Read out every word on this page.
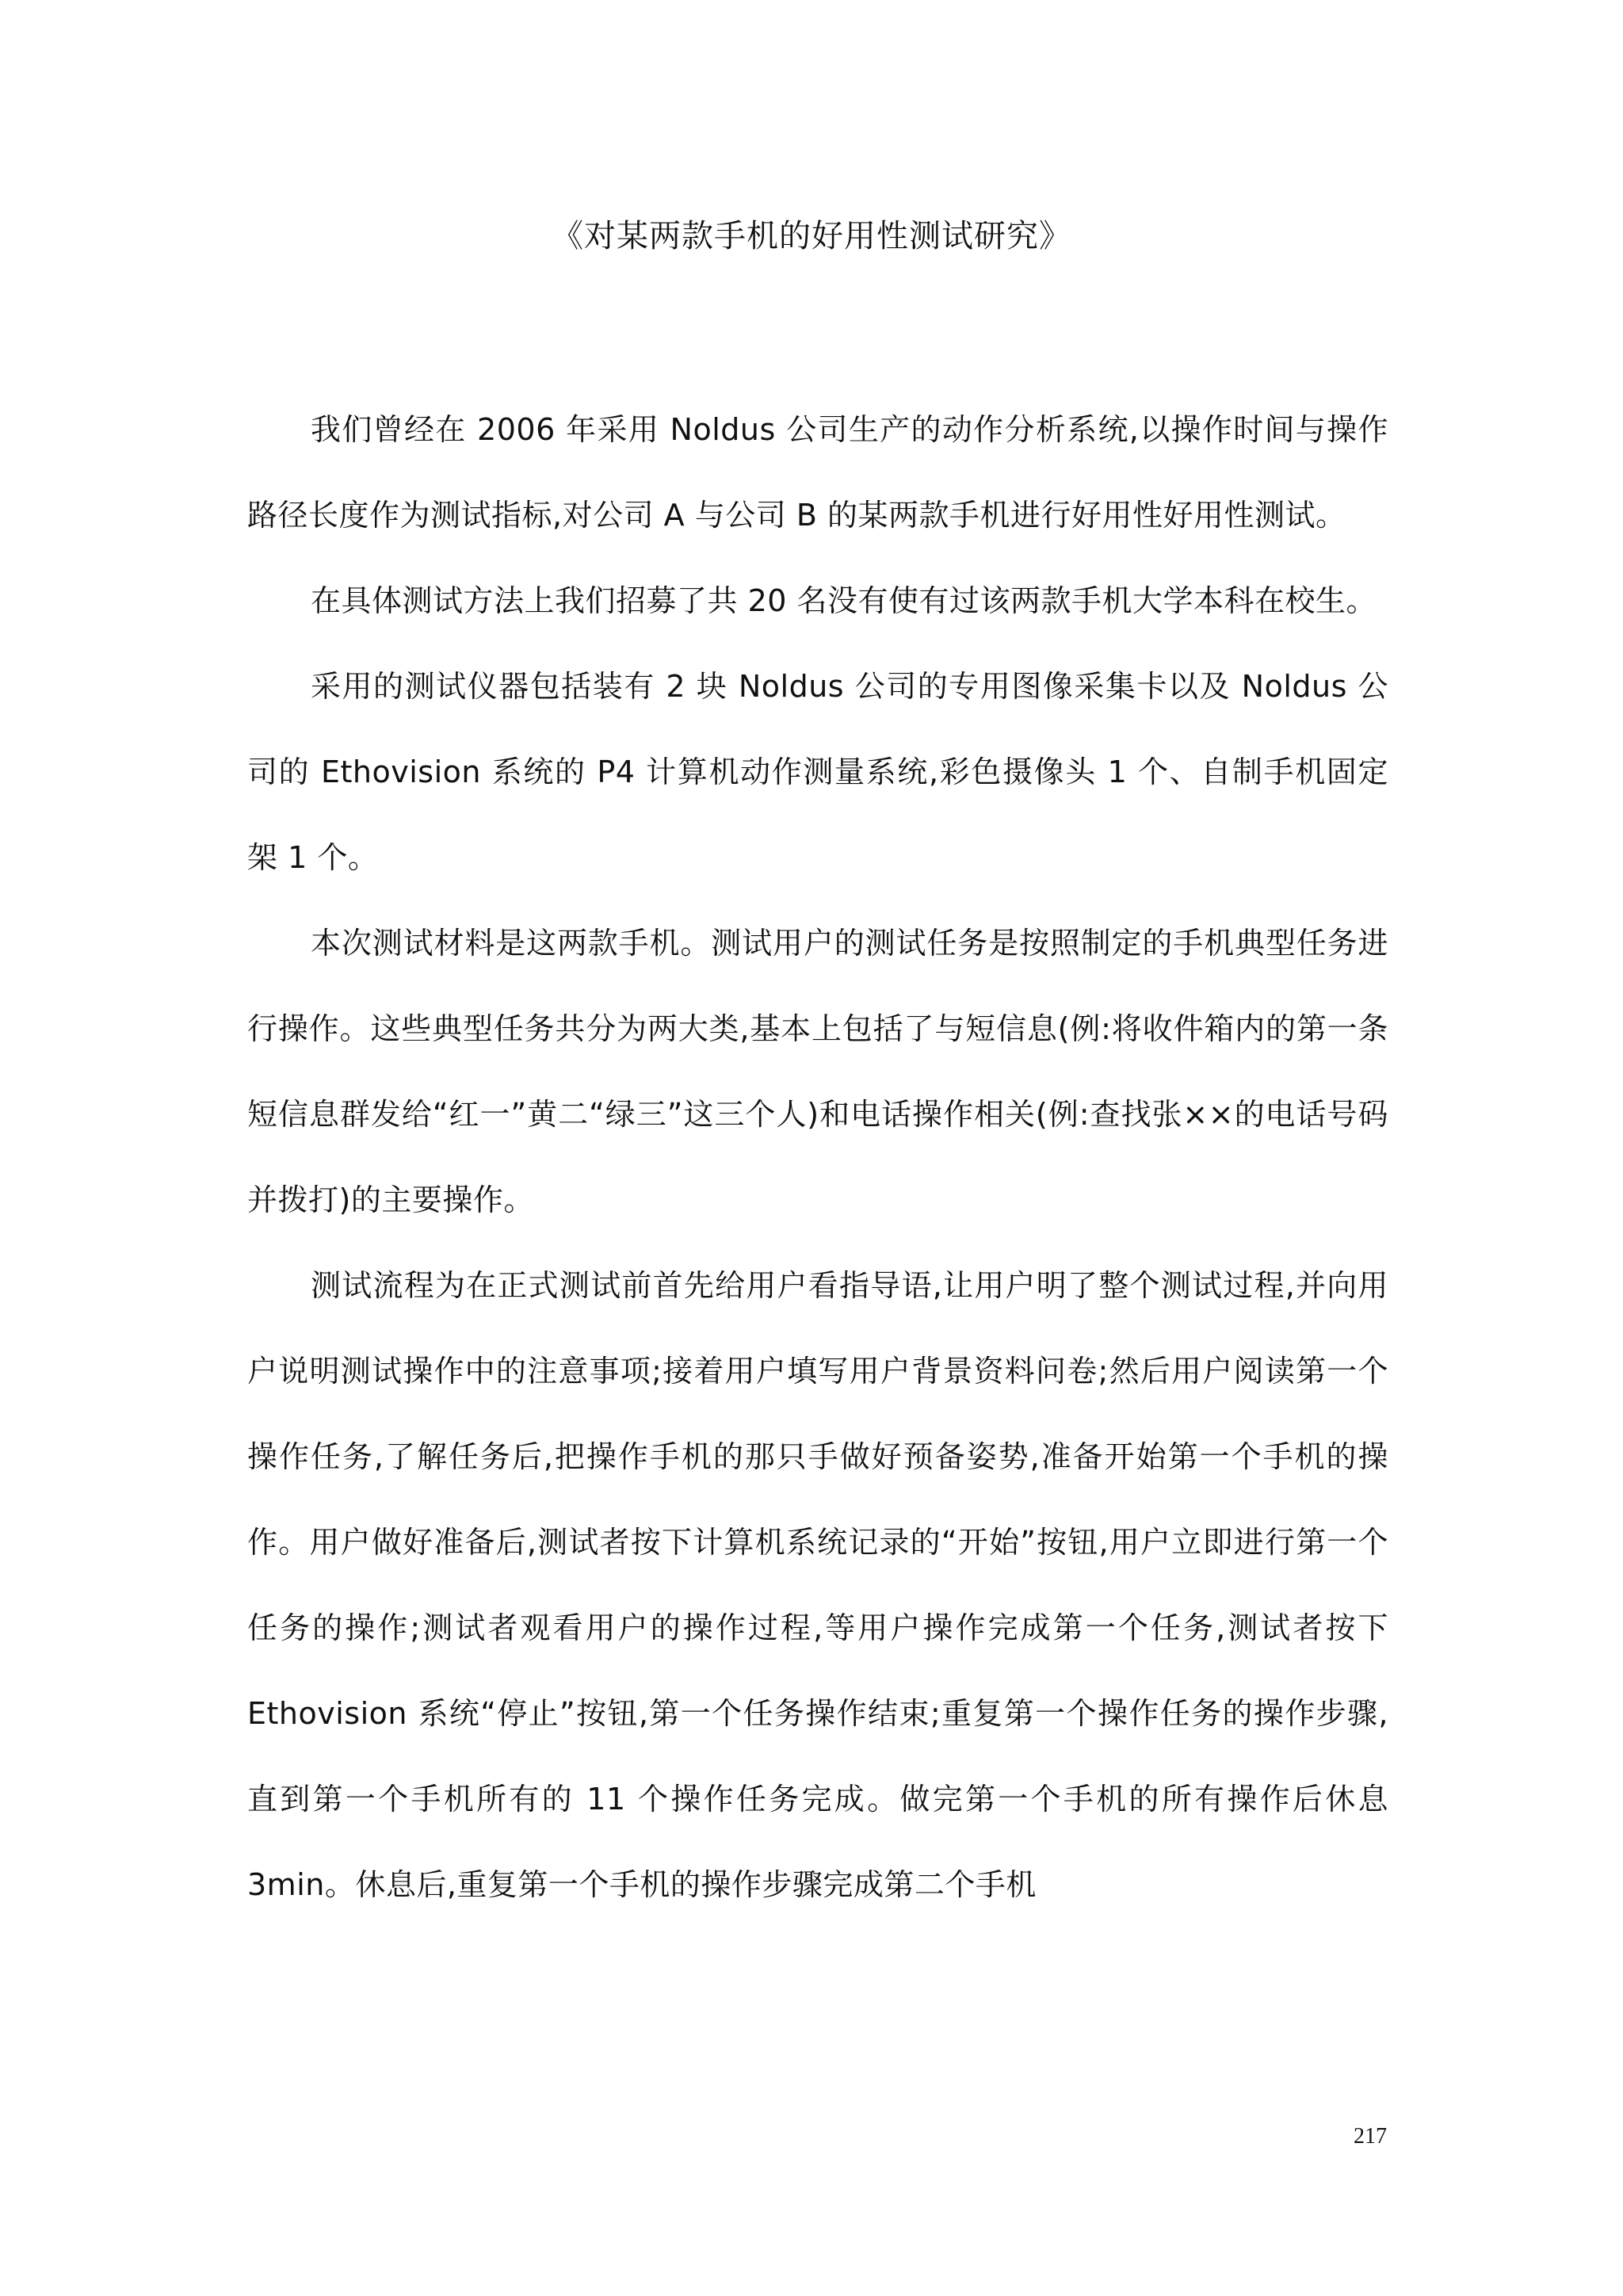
《对某两款手机的好用性测试研究》

我们曾经在 2006 年采用 Noldus 公司生产的动作分析系统,以操作时间与操作路径长度作为测试指标,对公司 A 与公司 B 的某两款手机进行好用性好用性测试。

在具体测试方法上我们招募了共 20 名没有使有过该两款手机大学本科在校生。

采用的测试仪器包括装有 2 块 Noldus 公司的专用图像采集卡以及 Noldus 公司的 Ethovision 系统的 P4 计算机动作测量系统,彩色摄像头 1 个、自制手机固定架 1 个。

本次测试材料是这两款手机。测试用户的测试任务是按照制定的手机典型任务进行操作。这些典型任务共分为两大类,基本上包括了与短信息(例:将收件箱内的第一条短信息群发给“红一”黄二“绿三”这三个人)和电话操作相关(例:查找张××的电话号码并拨打)的主要操作。

测试流程为在正式测试前首先给用户看指导语,让用户明了整个测试过程,并向用户说明测试操作中的注意事项;接着用户填写用户背景资料问卷;然后用户阅读第一个操作任务,了解任务后,把操作手机的那只手做好预备姿势,准备开始第一个手机的操作。用户做好准备后,测试者按下计算机系统记录的“开始”按钮,用户立即进行第一个任务的操作;测试者观看用户的操作过程,等用户操作完成第一个任务,测试者按下 Ethovision 系统“停止”按钮,第一个任务操作结束;重复第一个操作任务的操作步骤,直到第一个手机所有的 11 个操作任务完成。做完第一个手机的所有操作后休息 3min。休息后,重复第一个手机的操作步骤完成第二个手机

217
